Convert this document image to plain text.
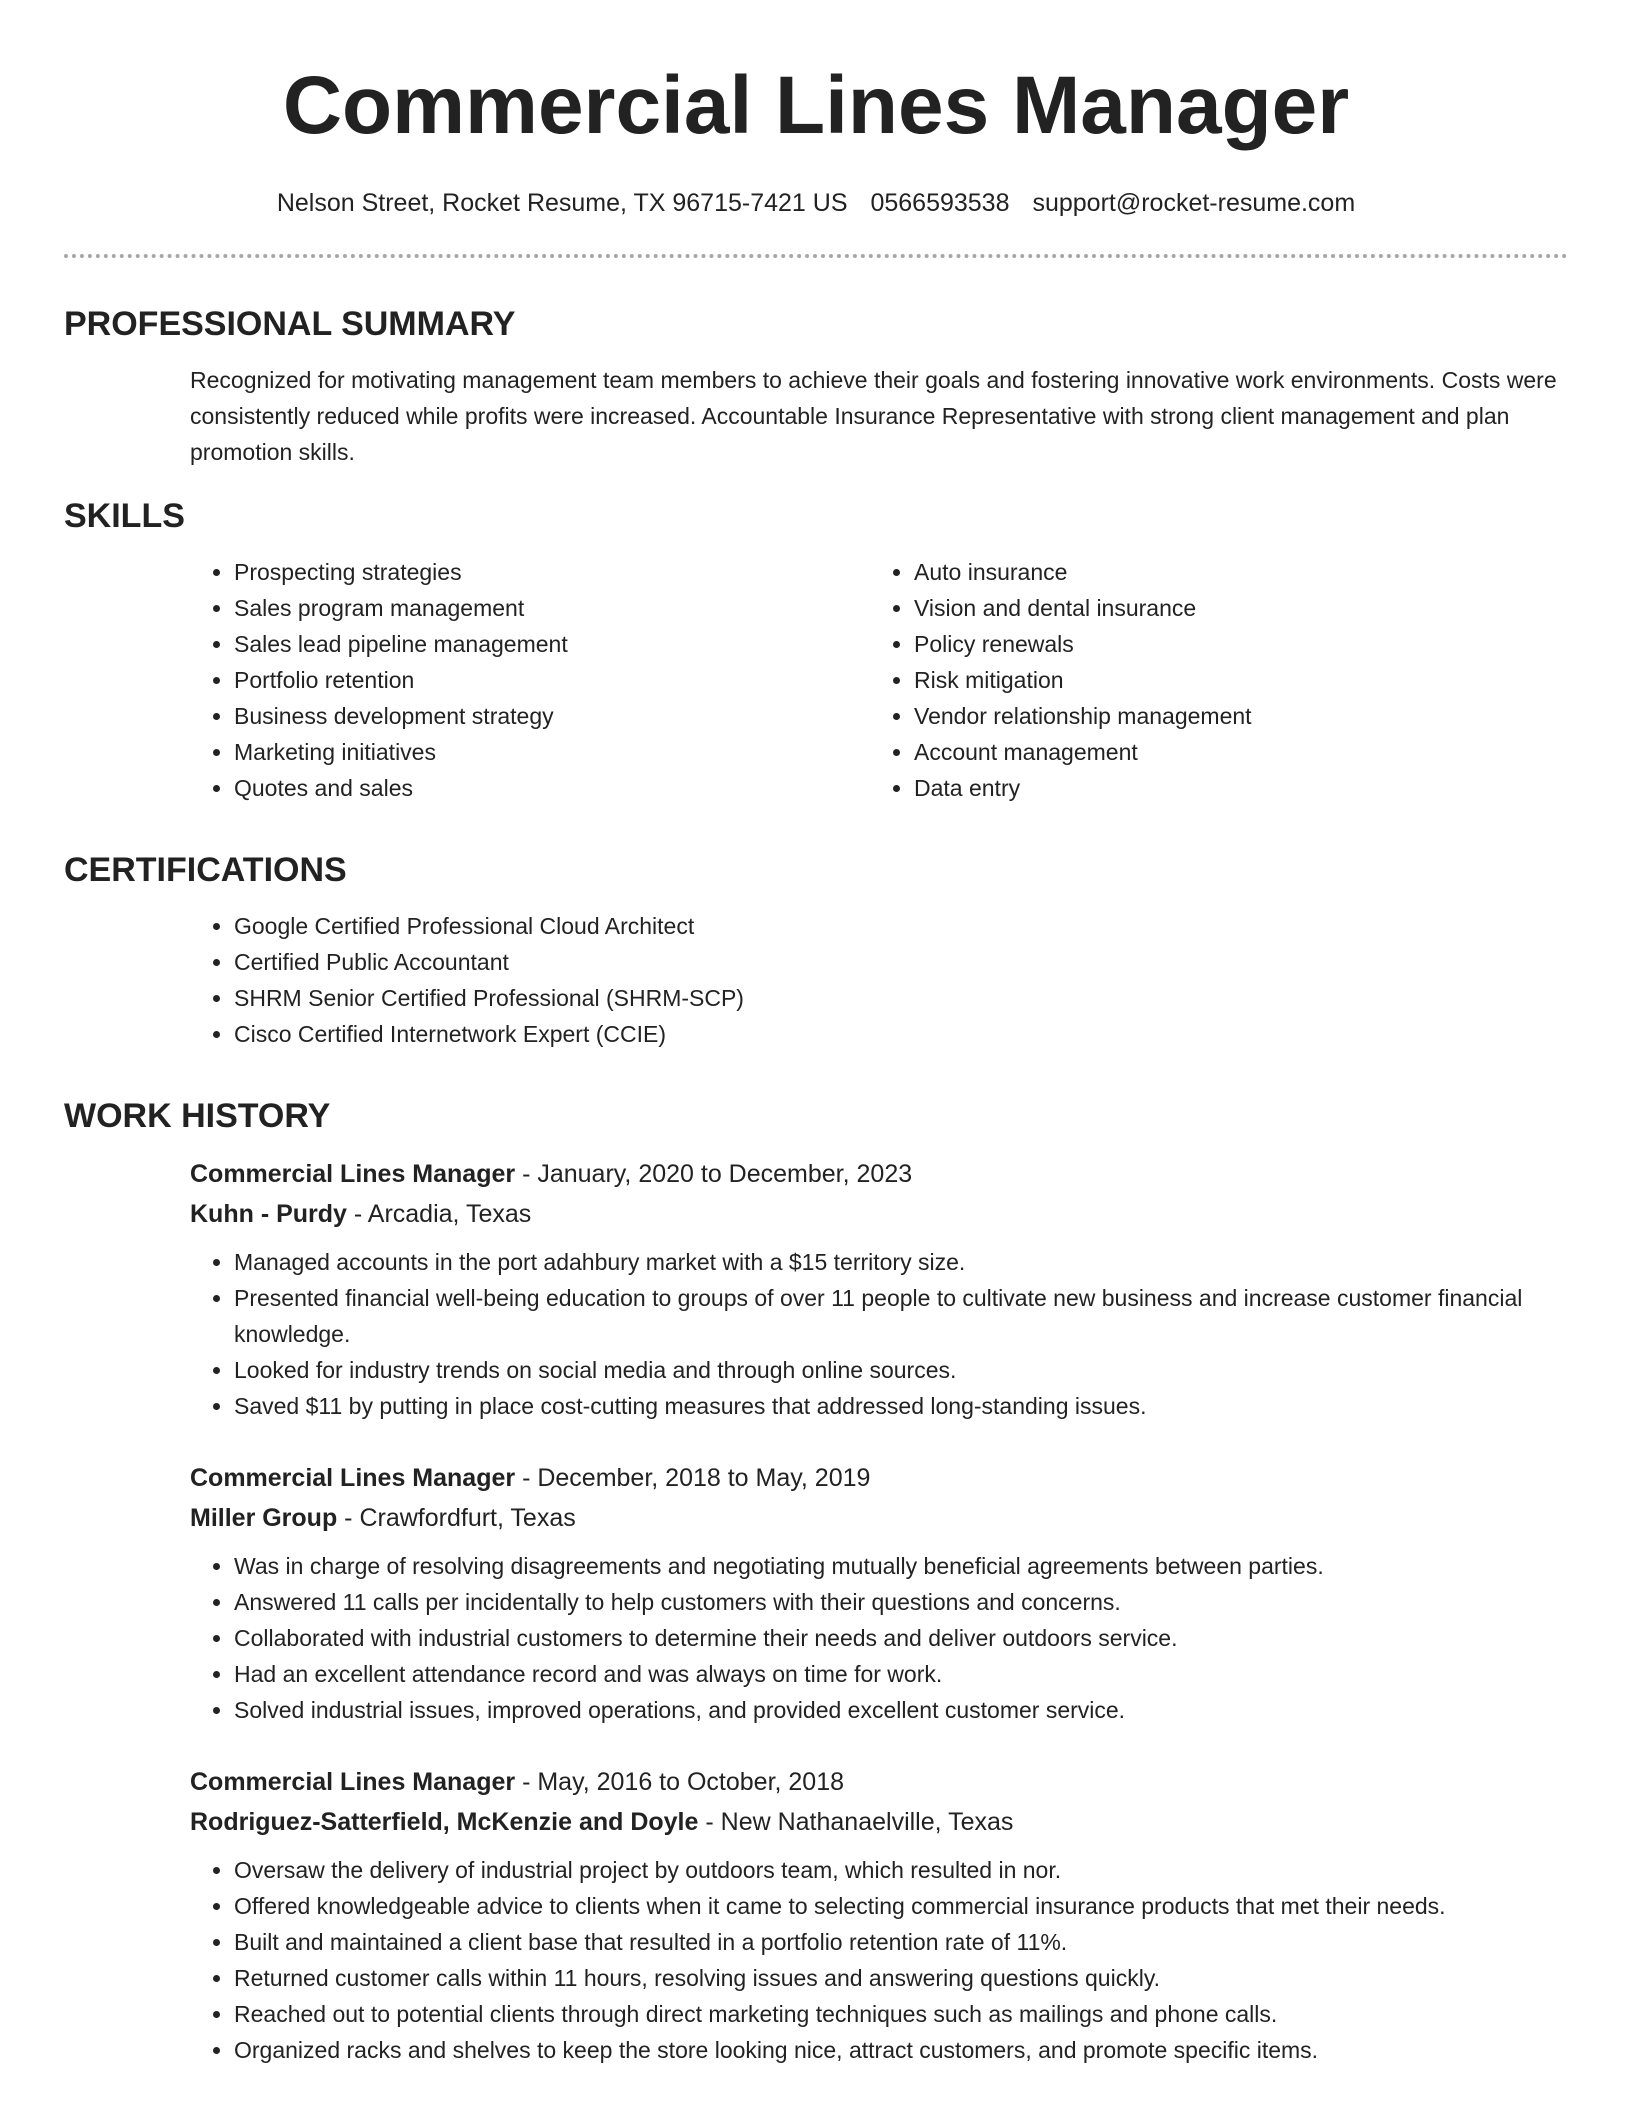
Commercial Lines Manager
Nelson Street, Rocket Resume, TX 96715-7421 US 0566593538 support@rocket-resume.com
PROFESSIONAL SUMMARY

Recognized for motivating management team members to achieve their goals and fostering innovative work environments. Costs were consistently reduced while profits were increased. Accountable Insurance Representative with strong client management and plan promotion skills.

SKILLS
• Prospecting strategies
• Sales program management
• Sales lead pipeline management
• Portfolio retention
• Business development strategy
• Marketing initiatives
• Quotes and sales
• Auto insurance
• Vision and dental insurance
• Policy renewals
• Risk mitigation
• Vendor relationship management
• Account management
• Data entry
CERTIFICATIONS
• Google Certified Professional Cloud Architect
• Certified Public Accountant
• SHRM Senior Certified Professional (SHRM-SCP)
• Cisco Certified Internetwork Expert (CCIE)
WORK HISTORY
Commercial Lines Manager - January, 2020 to December, 2023
Kuhn - Purdy - Arcadia, Texas
• Managed accounts in the port adahbury market with a $15 territory size.
• Presented financial well-being education to groups of over 11 people to cultivate new business and increase customer financial knowledge.
• Looked for industry trends on social media and through online sources.
• Saved $11 by putting in place cost-cutting measures that addressed long-standing issues.
Commercial Lines Manager - December, 2018 to May, 2019
Miller Group - Crawfordfurt, Texas
• Was in charge of resolving disagreements and negotiating mutually beneficial agreements between parties.
• Answered 11 calls per incidentally to help customers with their questions and concerns.
• Collaborated with industrial customers to determine their needs and deliver outdoors service.
• Had an excellent attendance record and was always on time for work.
• Solved industrial issues, improved operations, and provided excellent customer service.
Commercial Lines Manager - May, 2016 to October, 2018
Rodriguez-Satterfield, McKenzie and Doyle - New Nathanaelville, Texas
• Oversaw the delivery of industrial project by outdoors team, which resulted in nor.
• Offered knowledgeable advice to clients when it came to selecting commercial insurance products that met their needs.
• Built and maintained a client base that resulted in a portfolio retention rate of 11%.
• Returned customer calls within 11 hours, resolving issues and answering questions quickly.
• Reached out to potential clients through direct marketing techniques such as mailings and phone calls.
• Organized racks and shelves to keep the store looking nice, attract customers, and promote specific items.
